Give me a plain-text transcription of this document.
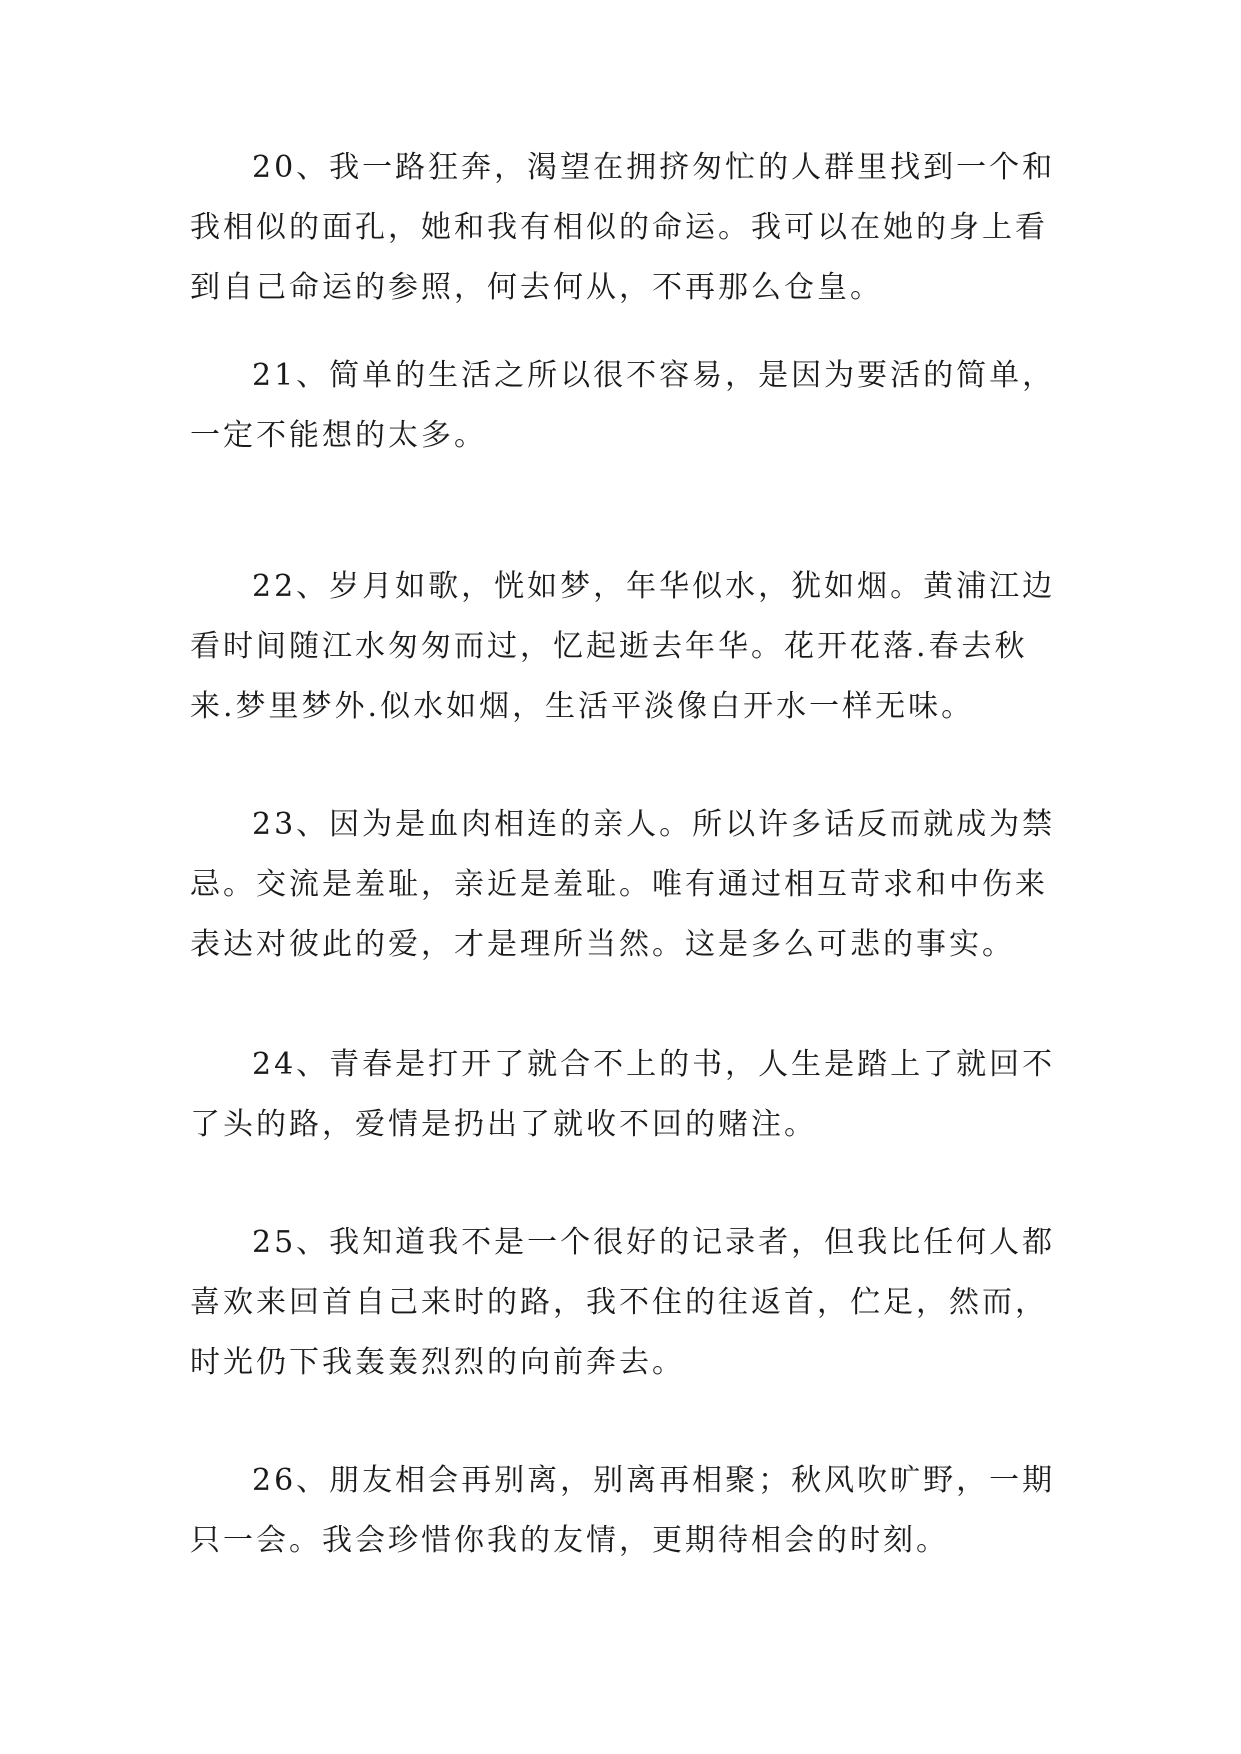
20、我一路狂奔，渴望在拥挤匆忙的人群里找到一个和
我相似的面孔，她和我有相似的命运。我可以在她的身上看
到自己命运的参照，何去何从，不再那么仓皇。

21、简单的生活之所以很不容易，是因为要活的简单，
一定不能想的太多。

22、岁月如歌，恍如梦，年华似水，犹如烟。黄浦江边
看时间随江水匆匆而过，忆起逝去年华。花开花落.春去秋
来.梦里梦外.似水如烟，生活平淡像白开水一样无味。

23、因为是血肉相连的亲人。所以许多话反而就成为禁
忌。交流是羞耻，亲近是羞耻。唯有通过相互苛求和中伤来
表达对彼此的爱，才是理所当然。这是多么可悲的事实。

24、青春是打开了就合不上的书，人生是踏上了就回不
了头的路，爱情是扔出了就收不回的赌注。

25、我知道我不是一个很好的记录者，但我比任何人都
喜欢来回首自己来时的路，我不住的往返首，伫足，然而，
时光仍下我轰轰烈烈的向前奔去。

26、朋友相会再别离，别离再相聚；秋风吹旷野，一期
只一会。我会珍惜你我的友情，更期待相会的时刻。
